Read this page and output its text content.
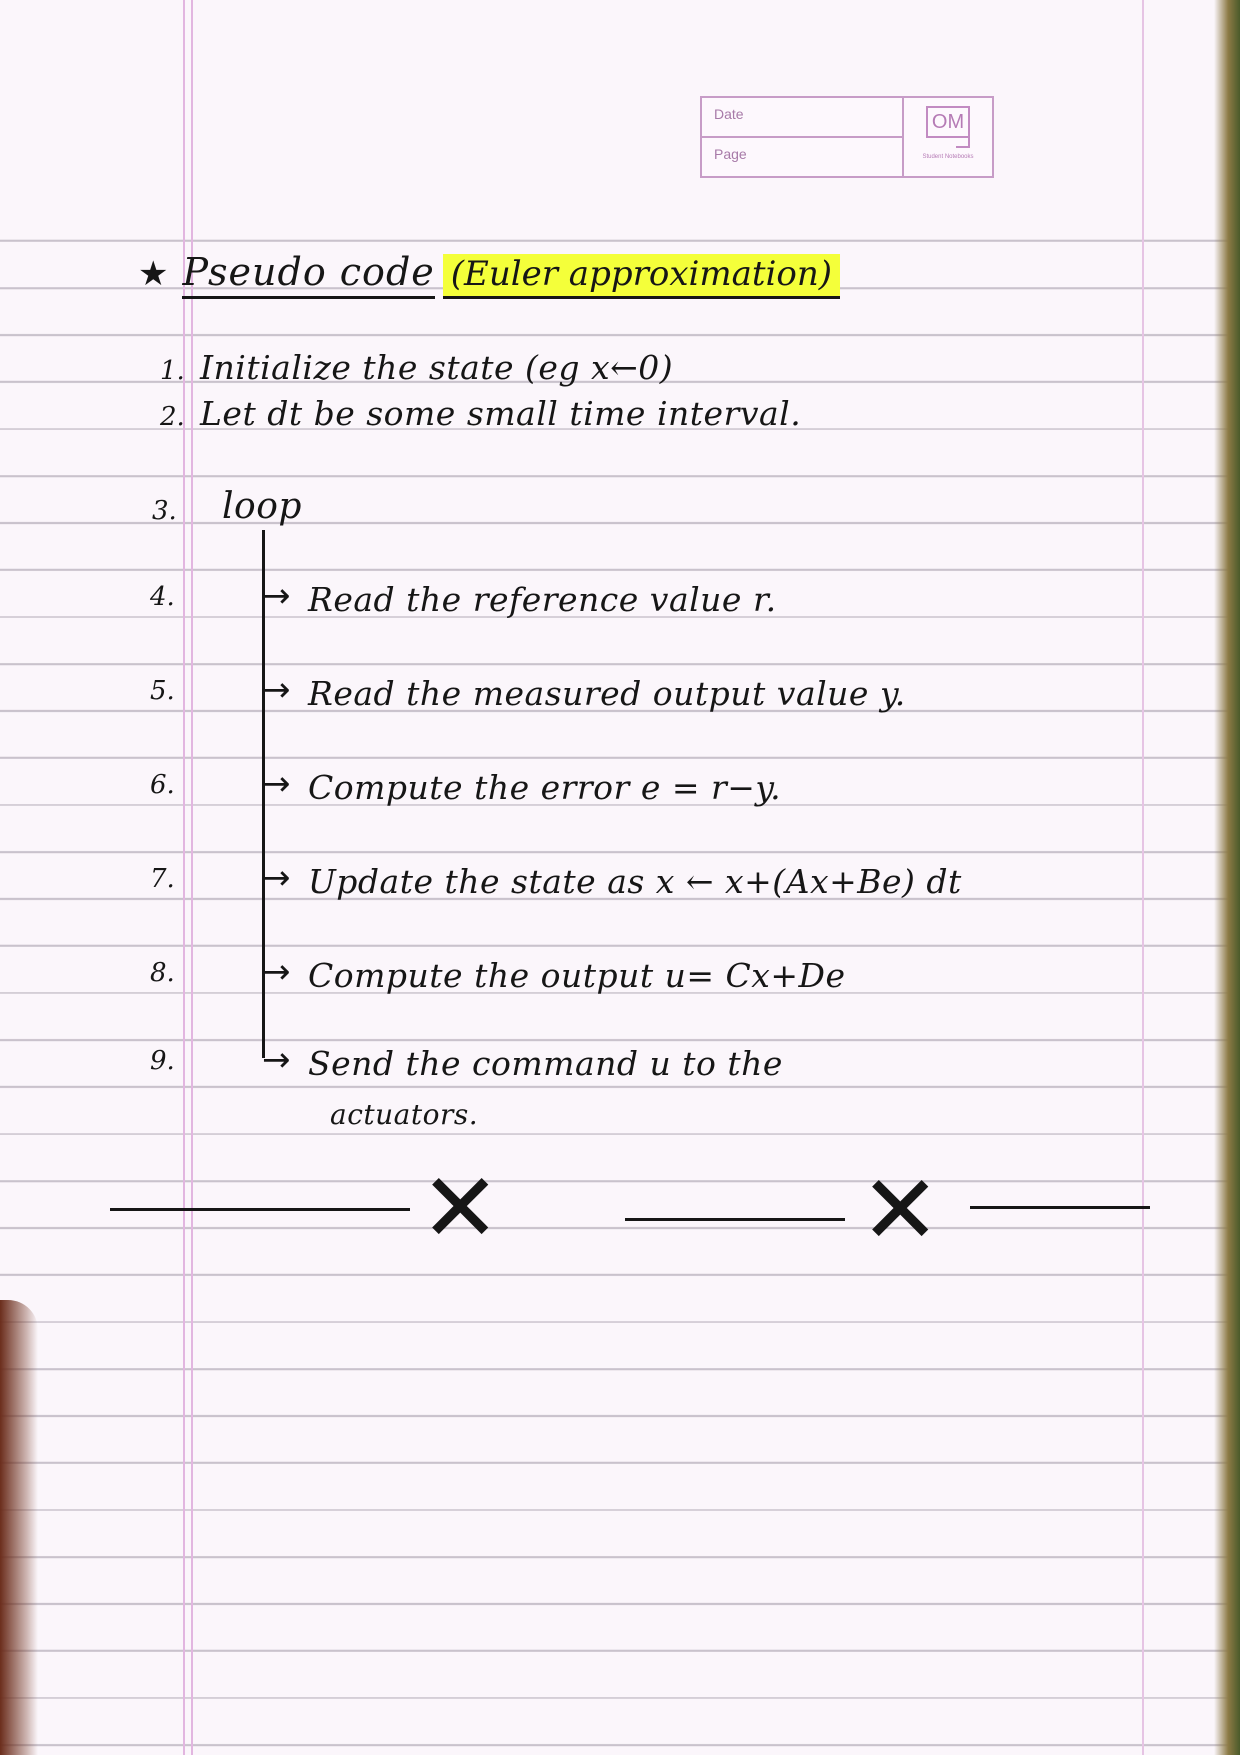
Date
Page
OM
Student Notebooks
★ Pseudo code (Euler approximation)
1. Initialize the state (eg x←0)
2. Let dt be some small time interval.
3. loop
4.	→ Read the reference value r.
5.	→ Read the measured output value y.
6.	→ Compute the error e = r−y.
7.	→ Update the state as x ← x+(Ax+Be) dt
8.	→ Compute the output u= Cx+De
9.	→ Send the command u to the
actuators.
✕	✕
